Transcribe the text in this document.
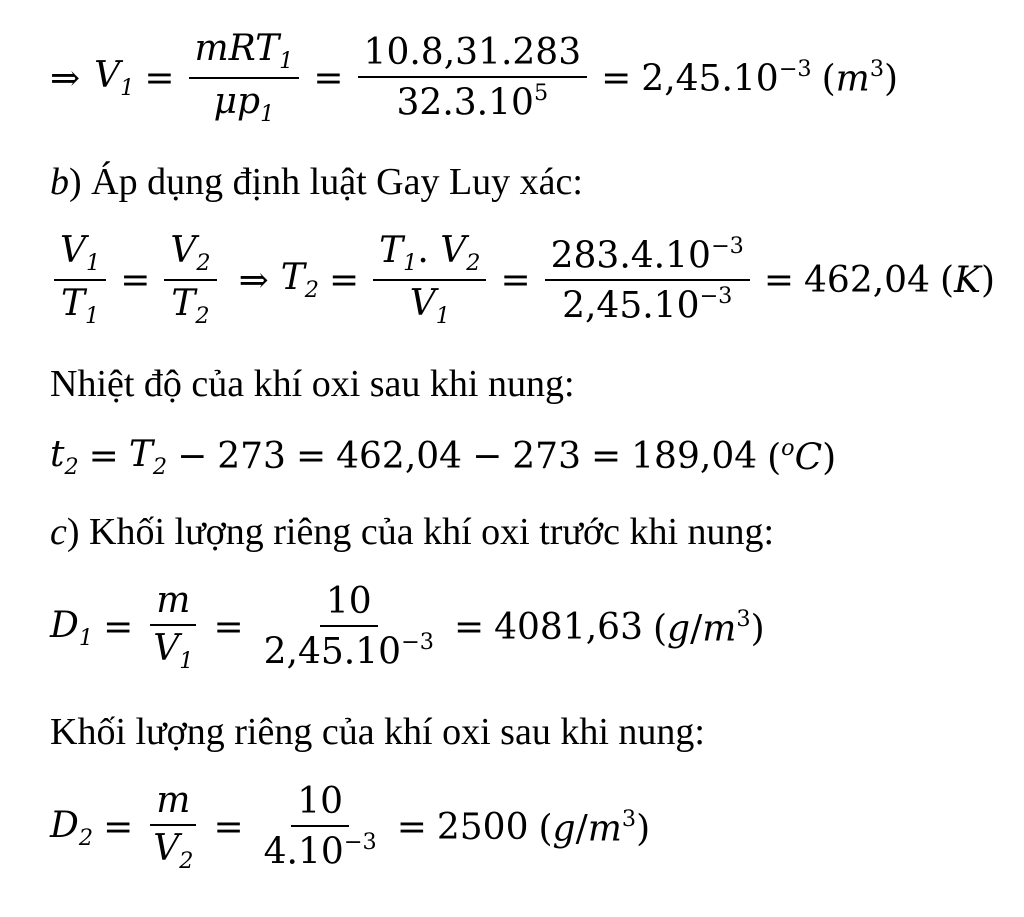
⇒ $V_1 = \frac{mRT_1}{\mu p_1} = \frac{10.8,31.283}{32.3.10^5} = 2,45.10^{-3}$ $(m^3)$
b ) Áp dụng định luật Gay Luy xác:
$\frac{V_1}{T_1} = \frac{V_2}{T_2}$ ⇒ $T_2 = \frac{T_1. V_2}{V_1} = \frac{283.4.10^{-3}}{2,45.10^{-3}} = 462,04$ (K)
Nhiệt độ của khí oxi sau khi nung:
$t_2 = T_2 - 273 = 462,04 - 273 = 189,04$ ($^o$C)
c ) Khối lượng riêng của khí oxi trước khi nung:
$D_1 = \frac{m}{V_1} = \frac{10}{2,45.10^{-3}} = 4081,63$ $(g/m^3)$
Khối lượng riêng của khí oxi sau khi nung:
$D_2 = \frac{m}{V_2} = \frac{10}{4.10^{-3}} = 2500$ $(g/m^3)$
